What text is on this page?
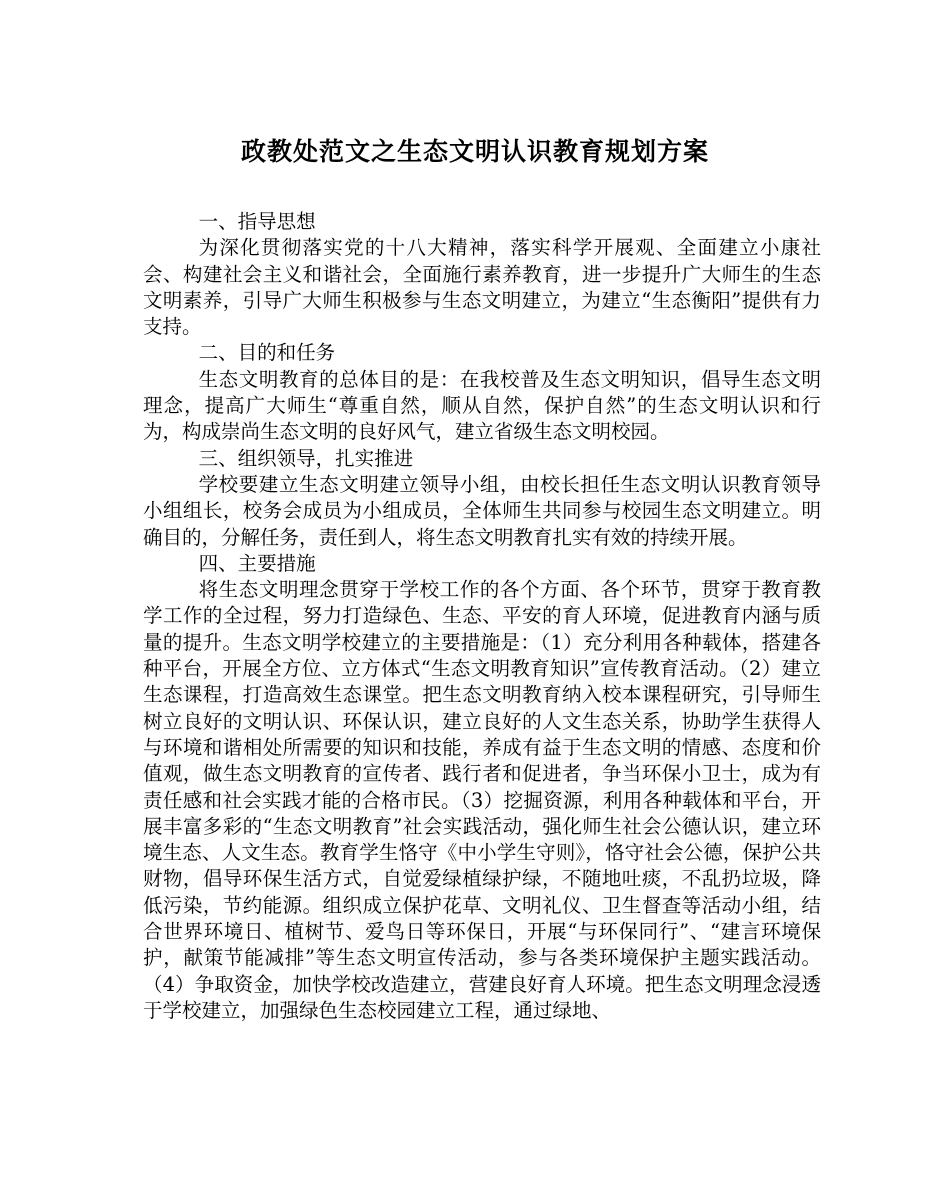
政教处范文之生态文明认识教育规划方案

一、指导思想

为深化贯彻落实党的十八大精神，落实科学开展观、全面建立小康社会、构建社会主义和谐社会，全面施行素养教育，进一步提升广大师生的生态文明素养，引导广大师生积极参与生态文明建立，为建立“生态衡阳”提供有力支持。

二、目的和任务

生态文明教育的总体目的是：在我校普及生态文明知识，倡导生态文明理念，提高广大师生“尊重自然，顺从自然，保护自然”的生态文明认识和行为，构成崇尚生态文明的良好风气，建立省级生态文明校园。

三、组织领导，扎实推进

学校要建立生态文明建立领导小组，由校长担任生态文明认识教育领导小组组长，校务会成员为小组成员，全体师生共同参与校园生态文明建立。明确目的，分解任务，责任到人，将生态文明教育扎实有效的持续开展。

四、主要措施

将生态文明理念贯穿于学校工作的各个方面、各个环节，贯穿于教育教学工作的全过程，努力打造绿色、生态、平安的育人环境，促进教育内涵与质量的提升。生态文明学校建立的主要措施是：（1）充分利用各种载体，搭建各种平台，开展全方位、立方体式“生态文明教育知识”宣传教育活动。（2）建立生态课程，打造高效生态课堂。把生态文明教育纳入校本课程研究，引导师生树立良好的文明认识、环保认识，建立良好的人文生态关系，协助学生获得人与环境和谐相处所需要的知识和技能，养成有益于生态文明的情感、态度和价值观，做生态文明教育的宣传者、践行者和促进者，争当环保小卫士，成为有责任感和社会实践才能的合格市民。（3）挖掘资源，利用各种载体和平台，开展丰富多彩的“生态文明教育”社会实践活动，强化师生社会公德认识，建立环境生态、人文生态。教育学生恪守《中小学生守则》，恪守社会公德，保护公共财物，倡导环保生活方式，自觉爱绿植绿护绿，不随地吐痰，不乱扔垃圾，降低污染，节约能源。组织成立保护花草、文明礼仪、卫生督查等活动小组，结合世界环境日、植树节、爱鸟日等环保日，开展“与环保同行”、“建言环境保护，献策节能减排”等生态文明宣传活动，参与各类环境保护主题实践活动。（4）争取资金，加快学校改造建立，营建良好育人环境。把生态文明理念浸透于学校建立，加强绿色生态校园建立工程，通过绿地、
